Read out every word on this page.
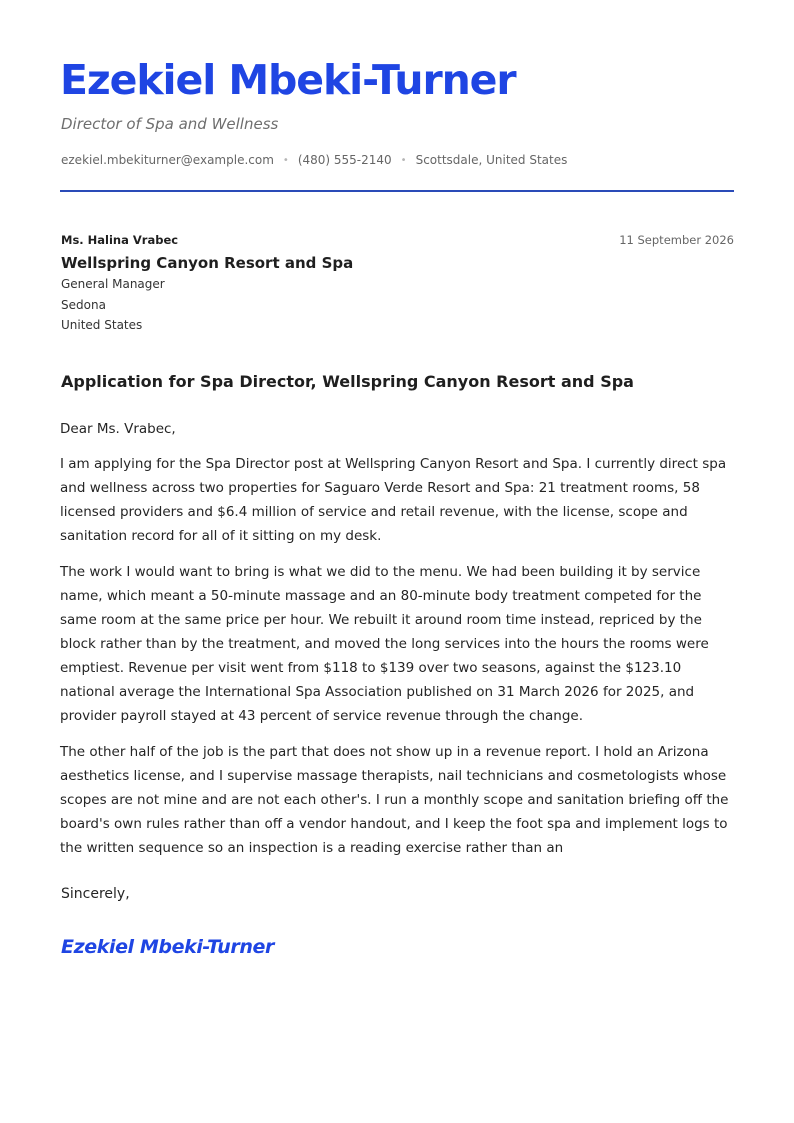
Ezekiel Mbeki-Turner
Director of Spa and Wellness
ezekiel.mbekiturner@example.com • (480) 555-2140 • Scottsdale, United States
Ms. Halina Vrabec	11 September 2026
Wellspring Canyon Resort and Spa
General Manager
Sedona
United States
Application for Spa Director, Wellspring Canyon Resort and Spa

Dear Ms. Vrabec,

I am applying for the Spa Director post at Wellspring Canyon Resort and Spa. I currently direct spa and wellness across two properties for Saguaro Verde Resort and Spa: 21 treatment rooms, 58 licensed providers and $6.4 million of service and retail revenue, with the license, scope and sanitation record for all of it sitting on my desk.

The work I would want to bring is what we did to the menu. We had been building it by service name, which meant a 50-minute massage and an 80-minute body treatment competed for the same room at the same price per hour. We rebuilt it around room time instead, repriced by the block rather than by the treatment, and moved the long services into the hours the rooms were emptiest. Revenue per visit went from $118 to $139 over two seasons, against the $123.10 national average the International Spa Association published on 31 March 2026 for 2025, and provider payroll stayed at 43 percent of service revenue through the change.

The other half of the job is the part that does not show up in a revenue report. I hold an Arizona aesthetics license, and I supervise massage therapists, nail technicians and cosmetologists whose scopes are not mine and are not each other's. I run a monthly scope and sanitation briefing off the board's own rules rather than off a vendor handout, and I keep the foot spa and implement logs to the written sequence so an inspection is a reading exercise rather than an

Sincerely,
Ezekiel Mbeki-Turner
